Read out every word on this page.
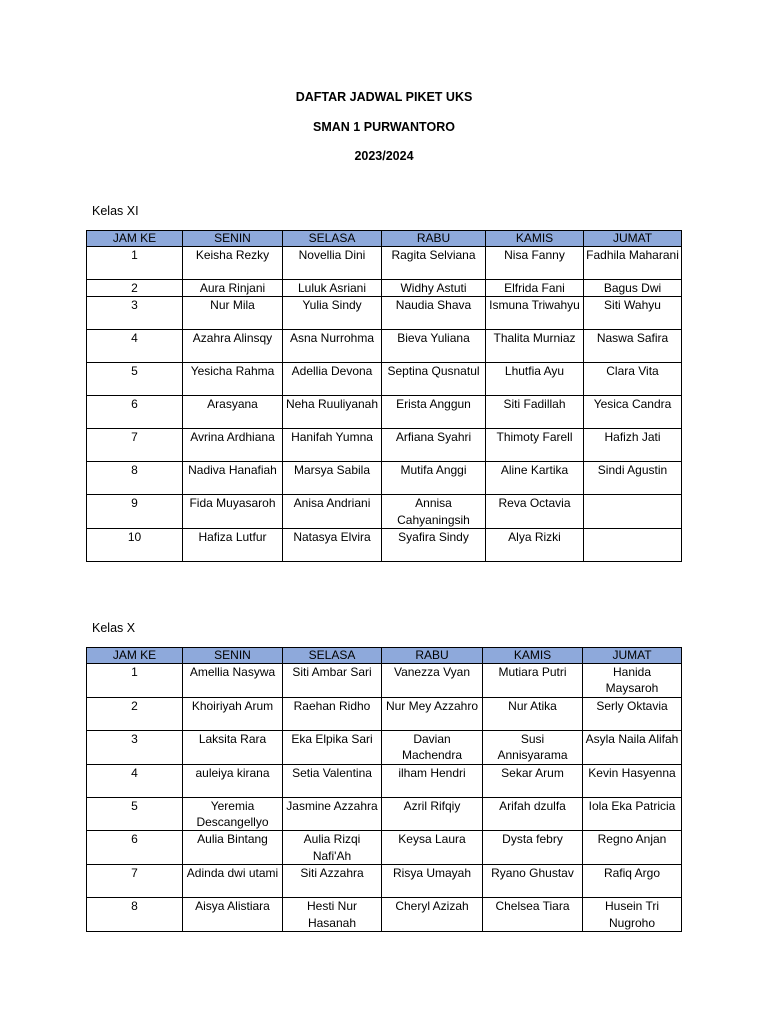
DAFTAR JADWAL PIKET UKS
SMAN 1 PURWANTORO
2023/2024
Kelas XI
JAM KE	SENIN	SELASA	RABU	KAMIS	JUMAT
1	Keisha Rezky	Novellia Dini	Ragita Selviana	Nisa Fanny	Fadhila Maharani
2	Aura Rinjani	Luluk Asriani	Widhy Astuti	Elfrida Fani	Bagus Dwi
3	Nur Mila	Yulia Sindy	Naudia Shava	Ismuna Triwahyu	Siti Wahyu
4	Azahra Alinsqy	Asna Nurrohma	Bieva Yuliana	Thalita Murniaz	Naswa Safira
5	Yesicha Rahma	Adellia Devona	Septina Qusnatul	Lhutfia Ayu	Clara Vita
6	Arasyana	Neha Ruuliyanah	Erista Anggun	Siti Fadillah	Yesica Candra
7	Avrina Ardhiana	Hanifah Yumna	Arfiana Syahri	Thimoty Farell	Hafizh Jati
8	Nadiva Hanafiah	Marsya Sabila	Mutifa Anggi	Aline Kartika	Sindi Agustin
9	Fida Muyasaroh	Anisa Andriani	Annisa Cahyaningsih	Reva Octavia	
10	Hafiza Lutfur	Natasya Elvira	Syafira Sindy	Alya Rizki	
Kelas X
JAM KE	SENIN	SELASA	RABU	KAMIS	JUMAT
1	Amellia Nasywa	Siti Ambar Sari	Vanezza Vyan	Mutiara Putri	Hanida Maysaroh
2	Khoiriyah Arum	Raehan Ridho	Nur Mey Azzahro	Nur Atika	Serly Oktavia
3	Laksita Rara	Eka Elpika Sari	Davian Machendra	Susi Annisyarama	Asyla Naila Alifah
4	auleiya kirana	Setia Valentina	ilham Hendri	Sekar Arum	Kevin Hasyenna
5	Yeremia Descangellyo	Jasmine Azzahra	Azril Rifqiy	Arifah dzulfa	Iola Eka Patricia
6	Aulia Bintang	Aulia Rizqi Nafi'Ah	Keysa Laura	Dysta febry	Regno Anjan
7	Adinda dwi utami	Siti Azzahra	Risya Umayah	Ryano Ghustav	Rafiq Argo
8	Aisya Alistiara	Hesti Nur Hasanah	Cheryl Azizah	Chelsea Tiara	Husein Tri Nugroho
